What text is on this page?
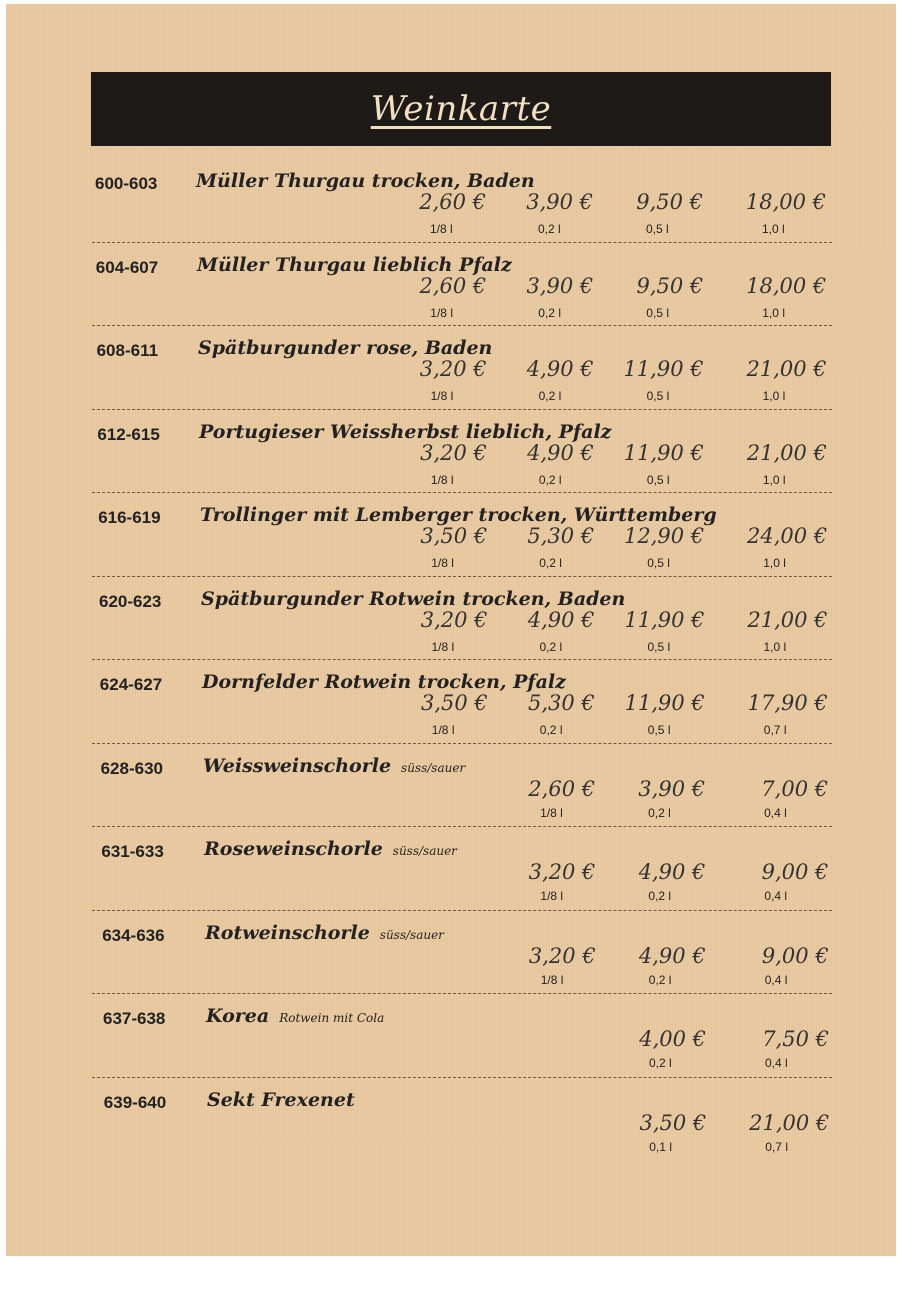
Weinkarte
600-603 Müller Thurgau trocken, Baden
2,60 €
1/8 l
3,90 €
0,2 l
9,50 €
0,5 l
18,00 €
1,0 l
604-607 Müller Thurgau lieblich Pfalz
2,60 €
1/8 l
3,90 €
0,2 l
9,50 €
0,5 l
18,00 €
1,0 l
608-611 Spätburgunder rose, Baden
3,20 €
1/8 l
4,90 €
0,2 l
11,90 €
0,5 l
21,00 €
1,0 l
612-615 Portugieser Weissherbst lieblich, Pfalz
3,20 €
1/8 l
4,90 €
0,2 l
11,90 €
0,5 l
21,00 €
1,0 l
616-619 Trollinger mit Lemberger trocken, Württemberg
3,50 €
1/8 l
5,30 €
0,2 l
12,90 €
0,5 l
24,00 €
1,0 l
620-623 Spätburgunder Rotwein trocken, Baden
3,20 €
1/8 l
4,90 €
0,2 l
11,90 €
0,5 l
21,00 €
1,0 l
624-627 Dornfelder Rotwein trocken, Pfalz
3,50 €
1/8 l
5,30 €
0,2 l
11,90 €
0,5 l
17,90 €
0,7 l
628-630 Weissweinschorle süss/sauer
2,60 €
1/8 l
3,90 €
0,2 l
7,00 €
0,4 l
631-633 Roseweinschorle süss/sauer
3,20 €
1/8 l
4,90 €
0,2 l
9,00 €
0,4 l
634-636 Rotweinschorle süss/sauer
3,20 €
1/8 l
4,90 €
0,2 l
9,00 €
0,4 l
637-638 Korea Rotwein mit Cola
4,00 €
0,2 l
7,50 €
0,4 l
639-640 Sekt Frexenet
3,50 €
0,1 l
21,00 €
0,7 l
